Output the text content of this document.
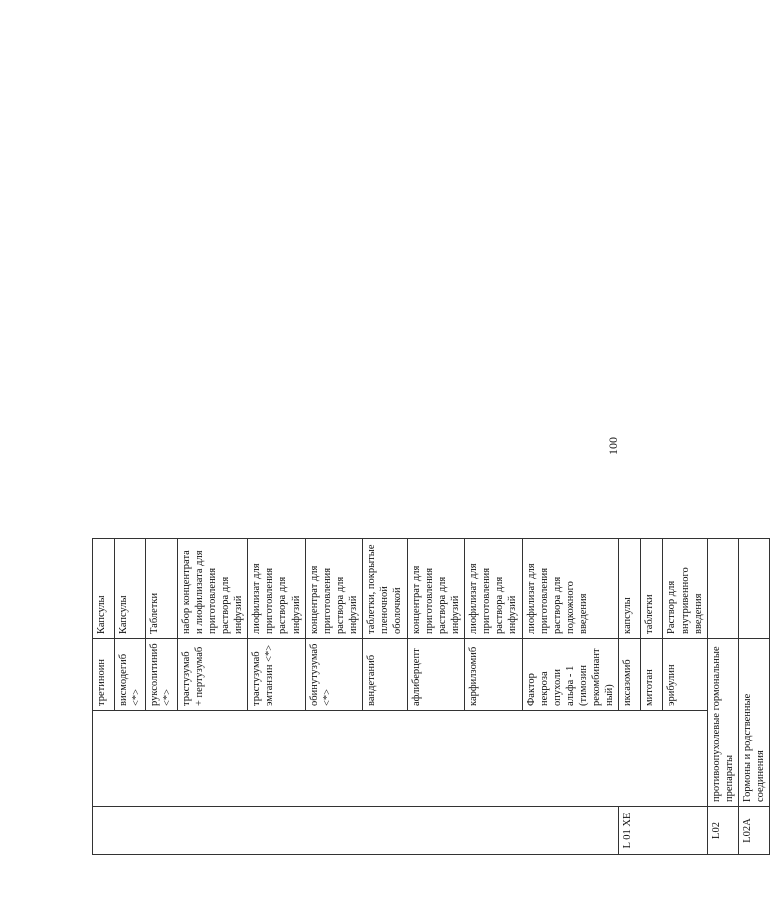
		третиноин	Капсулы
		висмодегиб <*>	Капсулы
		руксолитиниб <*>	Таблетки
		трастузумаб + пертузумаб	набор концентрата и лиофилизата для приготовления раствора для инфузий
		трастузумаб эмтанзин <*>	лиофилизат для приготовления раствора для инфузий
		обинутузумаб <*>	концентрат для приготовления раствора для инфузий
		вандетаниб	таблетки, покрытые пленочной оболочкой
		афлиберцепт	концентрат для приготовления раствора для инфузий
		карфилзомиб	лиофилизат для приготовления раствора для инфузий
		Фактор некроза опухоли альфа - 1 (тимозин рекомбинантный)	лиофилизат для приготовления раствора для подкожного введения
L 01 XE		иксазомиб	капсулы
		митотан	таблетки
		эрибулин	Раствор для внутривенного введения
L02	противоопухолевые гормональные препараты		
L02A	Гормоны и родственные соединения		
100
